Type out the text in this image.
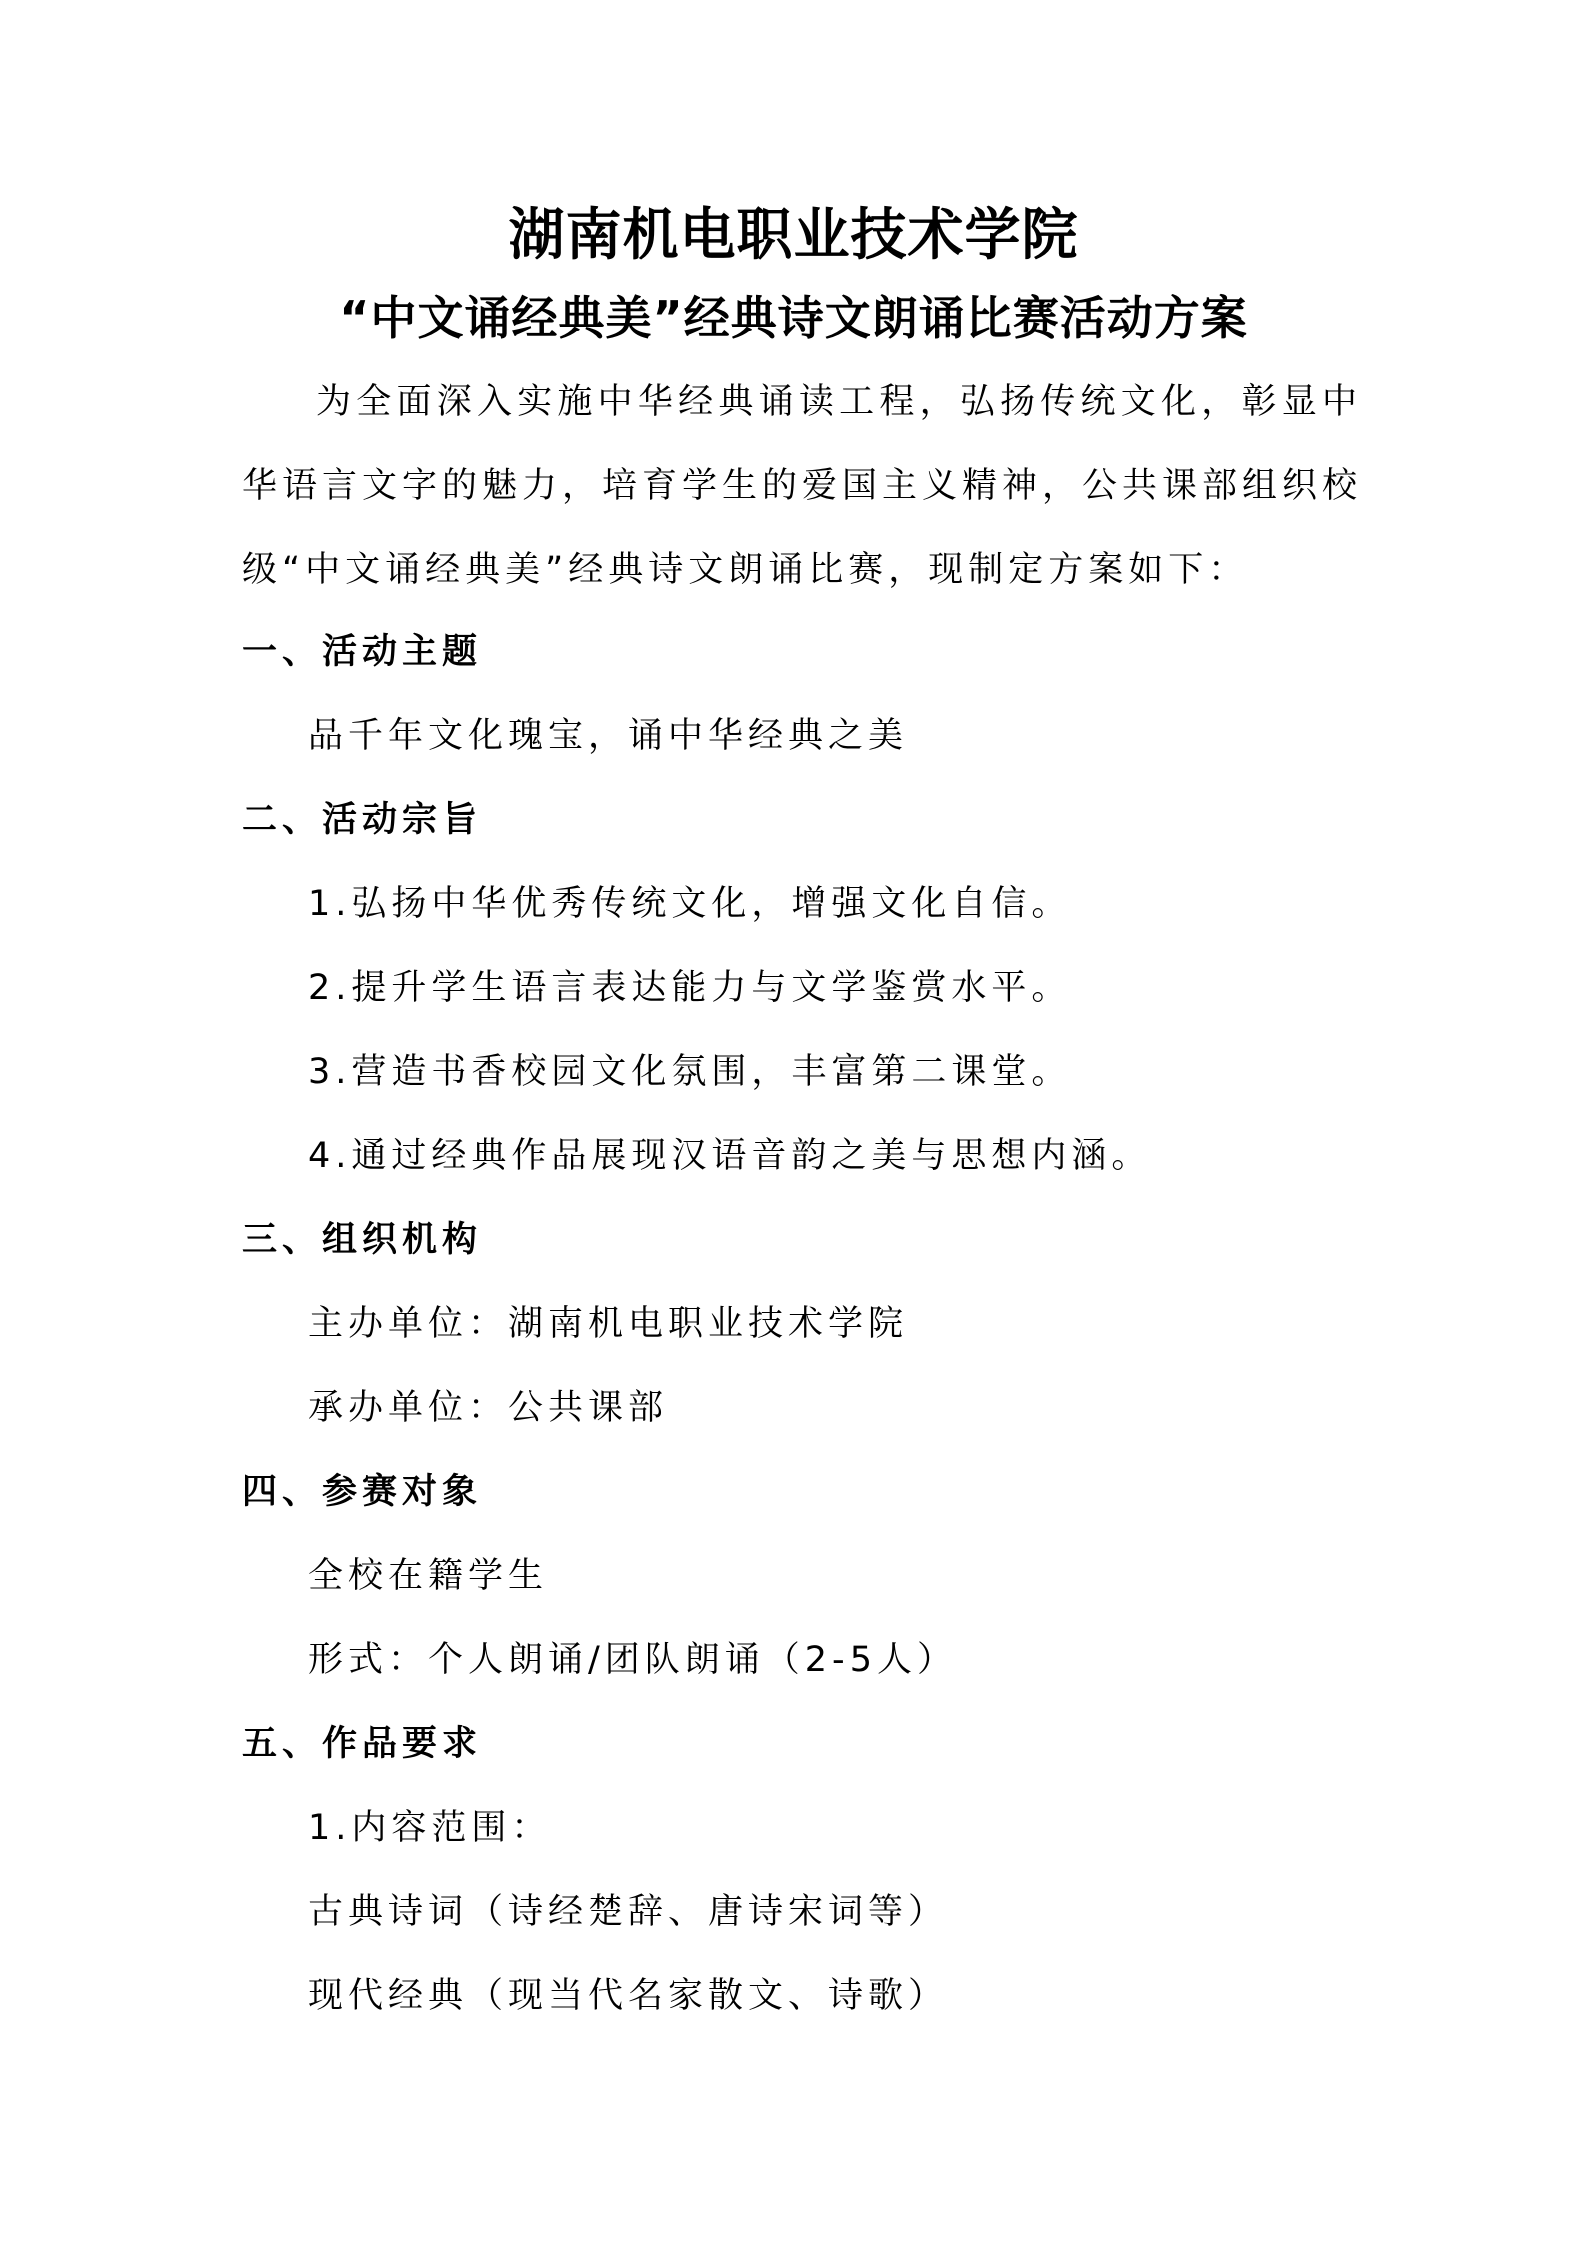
湖南机电职业技术学院
“中文诵经典美”经典诗文朗诵比赛活动方案

为全面深入实施中华经典诵读工程，弘扬传统文化，彰显中华语言文字的魅力，培育学生的爱国主义精神，公共课部组织校级“中文诵经典美”经典诗文朗诵比赛，现制定方案如下：

一、活动主题
品千年文化瑰宝，诵中华经典之美
二、活动宗旨
1.弘扬中华优秀传统文化，增强文化自信。
2.提升学生语言表达能力与文学鉴赏水平。
3.营造书香校园文化氛围，丰富第二课堂。
4.通过经典作品展现汉语音韵之美与思想内涵。
三、组织机构
主办单位：湖南机电职业技术学院
承办单位：公共课部
四、参赛对象
全校在籍学生
形式：个人朗诵/团队朗诵（2-5人）
五、作品要求
1.内容范围：
古典诗词（诗经楚辞、唐诗宋词等）
现代经典（现当代名家散文、诗歌）
